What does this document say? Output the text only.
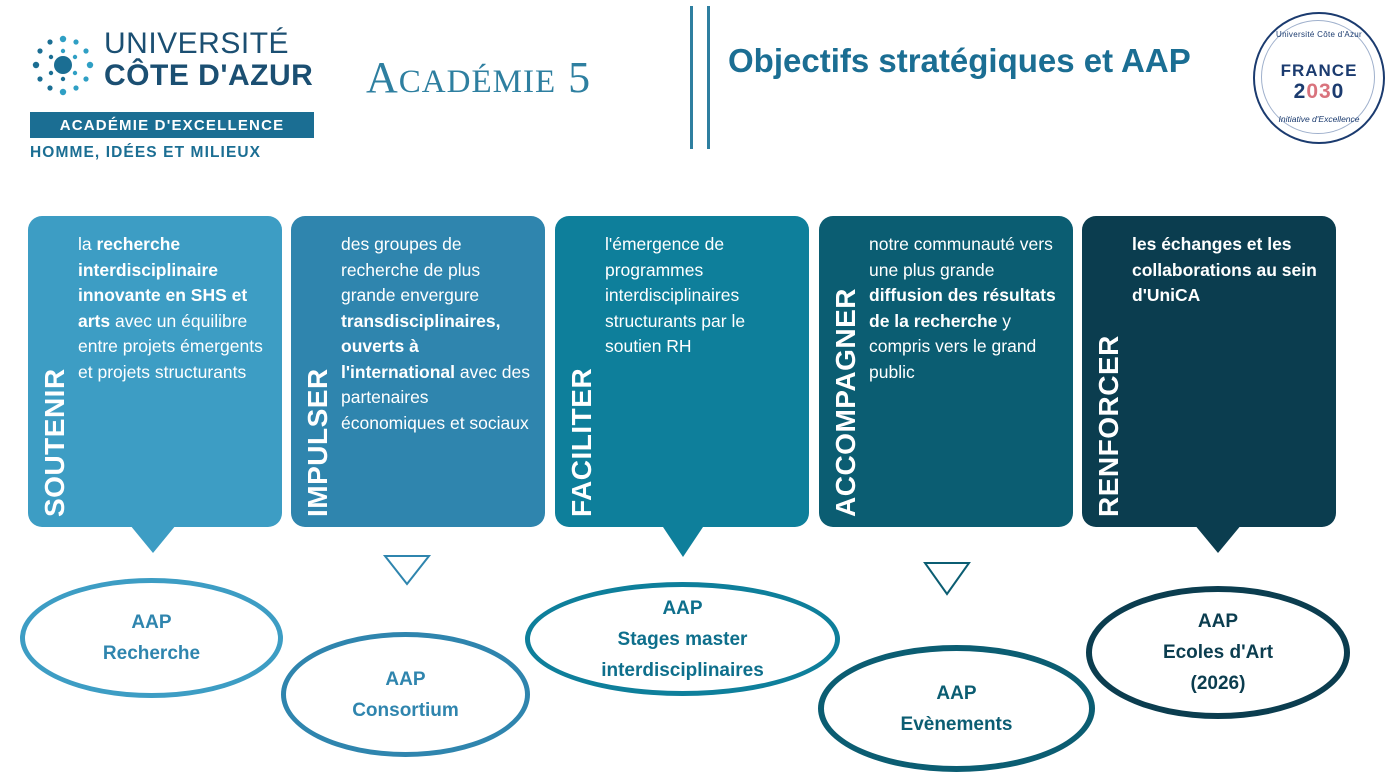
UNIVERSITÉ
CÔTE D'AZUR
ACADÉMIE D'EXCELLENCE
HOMME, IDÉES ET MILIEUX
ACADÉMIE 5	Objectifs stratégiques et AAP
Université Côte d'Azur
FRANCE
2030
Initiative d'Excellence
SOUTENIR
la recherche interdisciplinaire innovante en SHS et arts avec un équilibre entre projets émergents et projets structurants	IMPULSER
des groupes de recherche de plus grande envergure transdisciplinaires, ouverts à l'international avec des partenaires économiques et sociaux FACILITER
l'émergence de programmes interdisciplinaires structurants par le soutien RH	ACCOMPAGNER
notre communauté vers une plus grande diffusion des résultats de la recherche y compris vers le grand public	RENFORCER
les échanges et les collaborations au sein d'UniCA
AAP
Recherche
AAP
Consortium
AAP
Stages master
interdisciplinaires
AAP
Evènements
AAP
Ecoles d'Art
(2026)
